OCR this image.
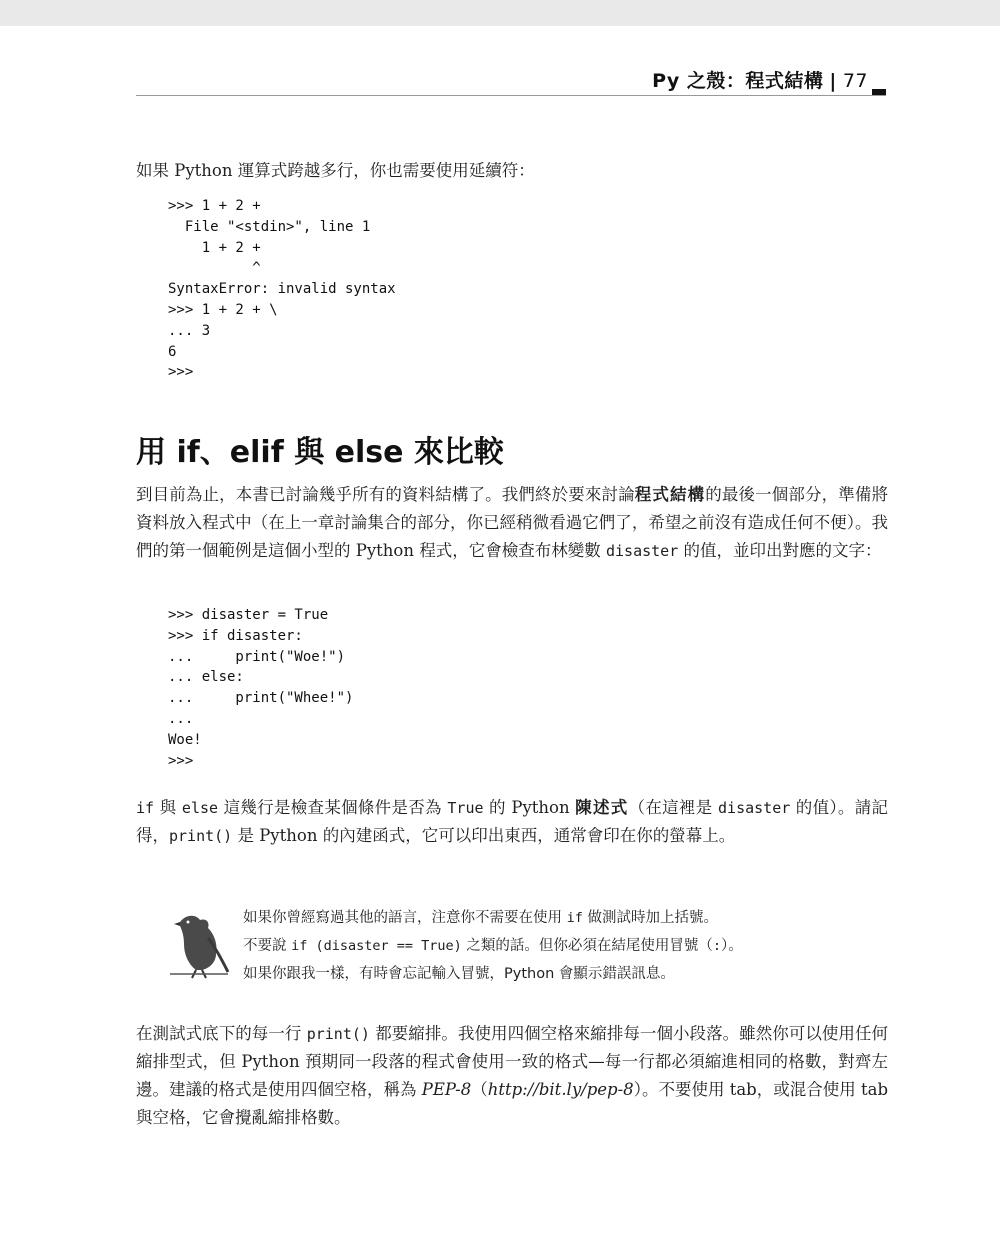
Py 之殼：程式結構 | 77

如果 Python 運算式跨越多行，你也需要使用延續符：

>>> 1 + 2 +
File "<stdin>", line 1
1 + 2 +
^
SyntaxError: invalid syntax
>>> 1 + 2 + \
... 3
6
>>>
用 if、elif 與 else 來比較

到目前為止，本書已討論幾乎所有的資料結構了。我們終於要來討論程式結構的最後一個部分，準備將資料放入程式中（在上一章討論集合的部分，你已經稍微看過它們了，希望之前沒有造成任何不便）。我們的第一個範例是這個小型的 Python 程式，它會檢查布林變數 disaster 的值，並印出對應的文字：

>>> disaster = True
>>> if disaster:
...     print("Woe!")
... else:
...     print("Whee!")
...
Woe!
>>>

if 與 else 這幾行是檢查某個條件是否為 True 的 Python 陳述式（在這裡是 disaster 的值）。請記得，print() 是 Python 的內建函式，它可以印出東西，通常會印在你的螢幕上。

如果你曾經寫過其他的語言，注意你不需要在使用 if 做測試時加上括號。
不要說 if (disaster == True) 之類的話。但你必須在結尾使用冒號（:）。
如果你跟我一樣，有時會忘記輸入冒號，Python 會顯示錯誤訊息。

在測試式底下的每一行 print() 都要縮排。我使用四個空格來縮排每一個小段落。雖然你可以使用任何縮排型式，但 Python 預期同一段落的程式會使用一致的格式—每一行都必須縮進相同的格數，對齊左邊。建議的格式是使用四個空格，稱為 PEP-8（http://bit.ly/pep-8）。不要使用 tab，或混合使用 tab 與空格，它會攪亂縮排格數。
